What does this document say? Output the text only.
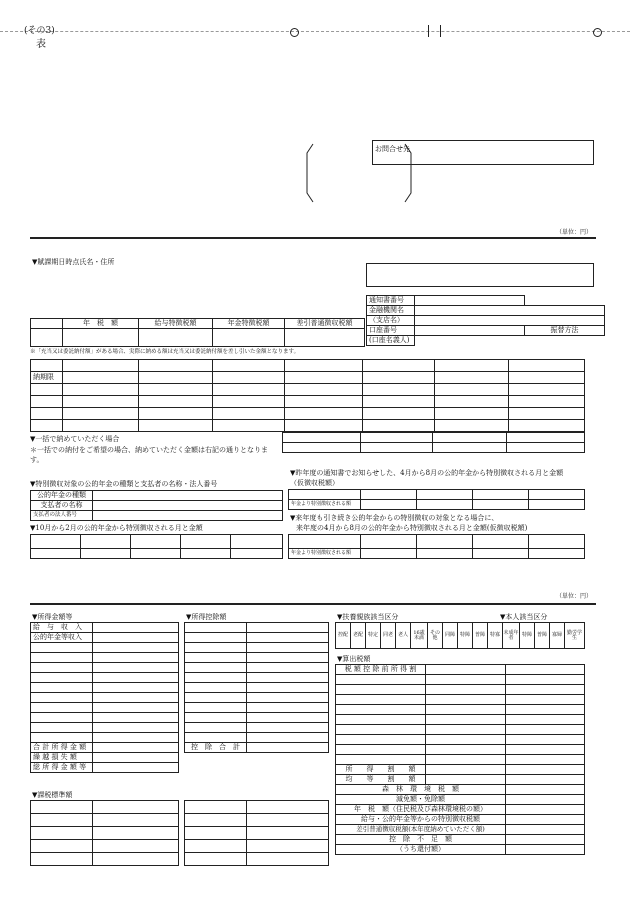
(その3)
表
お問合せ先
（単位：円）
▼賦課期日時点氏名・住所
通知書番号		
金融機関名		
（支店名）		
口座番号		振替方法
(口座名義人)		
	年　税　額	給与特徴税額	年金特徴税額	差引普通徴収税額

※「充当又は委託納付額」がある場合、実際に納める額は充当又は委託納付額を差し引いた金額となります。

納期限							

▼一括で納めていただく場合
＊一括での納付をご希望の場合、納めていただく金額は右記の通りとなりま
す。

▼昨年度の通知書でお知らせした、4月から8月の公的年金から特別徴収される月と金額
（仮徴収税額）

年金より特別徴収される額				
▼特別徴収対象の公的年金の種類と支払者の名称・法人番号
公的年金の種類	
支払者の名称	
支払者の法人番号		▼来年度も引き続き公的年金からの特別徴収の対象となる場合に、
来年度の4月から8月の公的年金から特別徴収される月と金額(仮徴収税額)

年金より特別徴収される額				
▼10月から2月の公的年金から特別徴収される月と金額

（単位：円）
▼所得金額等
給　与　収　入	
公的年金等収入	

合 計 所 得 金 額	
繰 越 損 失 額	
総 所 得 金 額 等	
▼所得控除額

控　除　合　計	
▼扶養親族該当区分	▼本人該当区分
控配	老配	特定	同老	老人	16歳未満	その他	同障	特障	普障	特寡	未成年者	特障	普障	寡婦	勤労学生
▼算出税額
税 額 控 除 前 所 得 割		

所　　得　　割　　額		
均　　等　　割　　額		
森　林　環　境　税　額		
減免額・免除額		
年　税　額（住民税及び森林環境税の額）		
給与・公的年金等からの特別徴収税額		
差引普通徴収税額(本年度納めていただく額)		
控　除　不　足　額		
（うち還付額）		
▼課税標準額
